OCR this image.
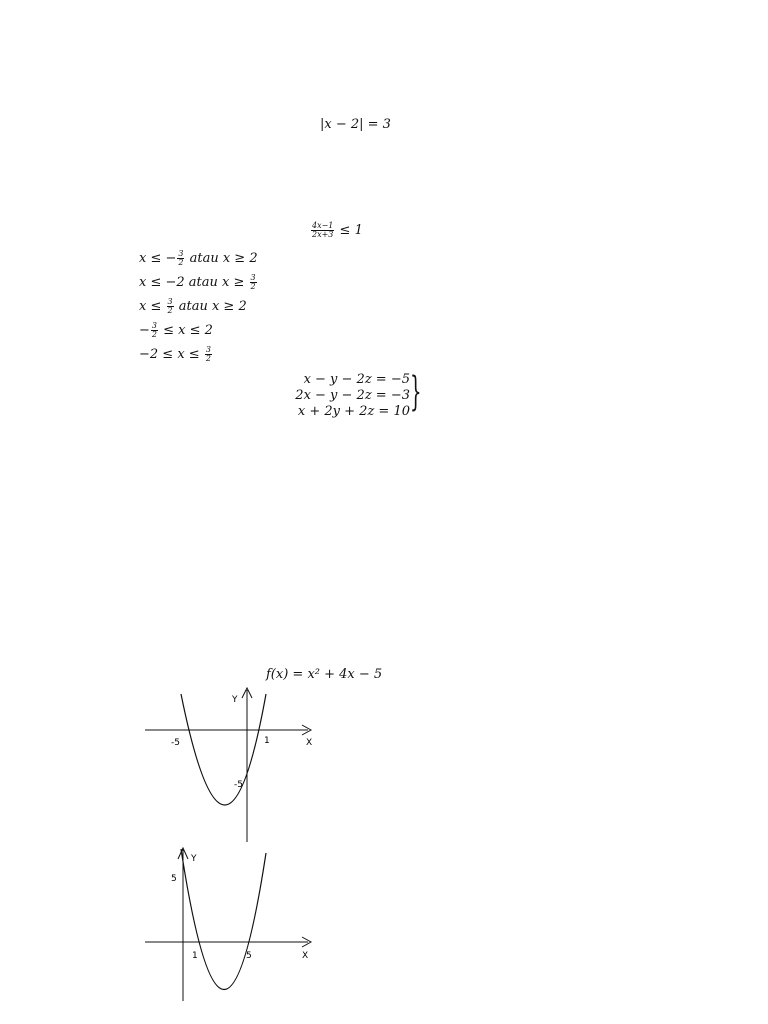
|x − 2| = 3
$\frac{4x-1}{2x+3} \le 1$
x ≤ − $\frac{3}{2}$ atau x ≥ 2
x ≤ −2 atau $x \ge \frac{3}{2}$
$x \le \frac{3}{2}$ atau x ≥ 2
− $\frac{3}{2} \le x \le 2$
$-2 \le x \le \frac{3}{2}$
x − y − 2z = −5
2x − y − 2z = −3
x + 2y + 2z = 10 }
f(x) = x² + 4x − 5
X
Y
-5	1
-5
X
Y
5
1	5
